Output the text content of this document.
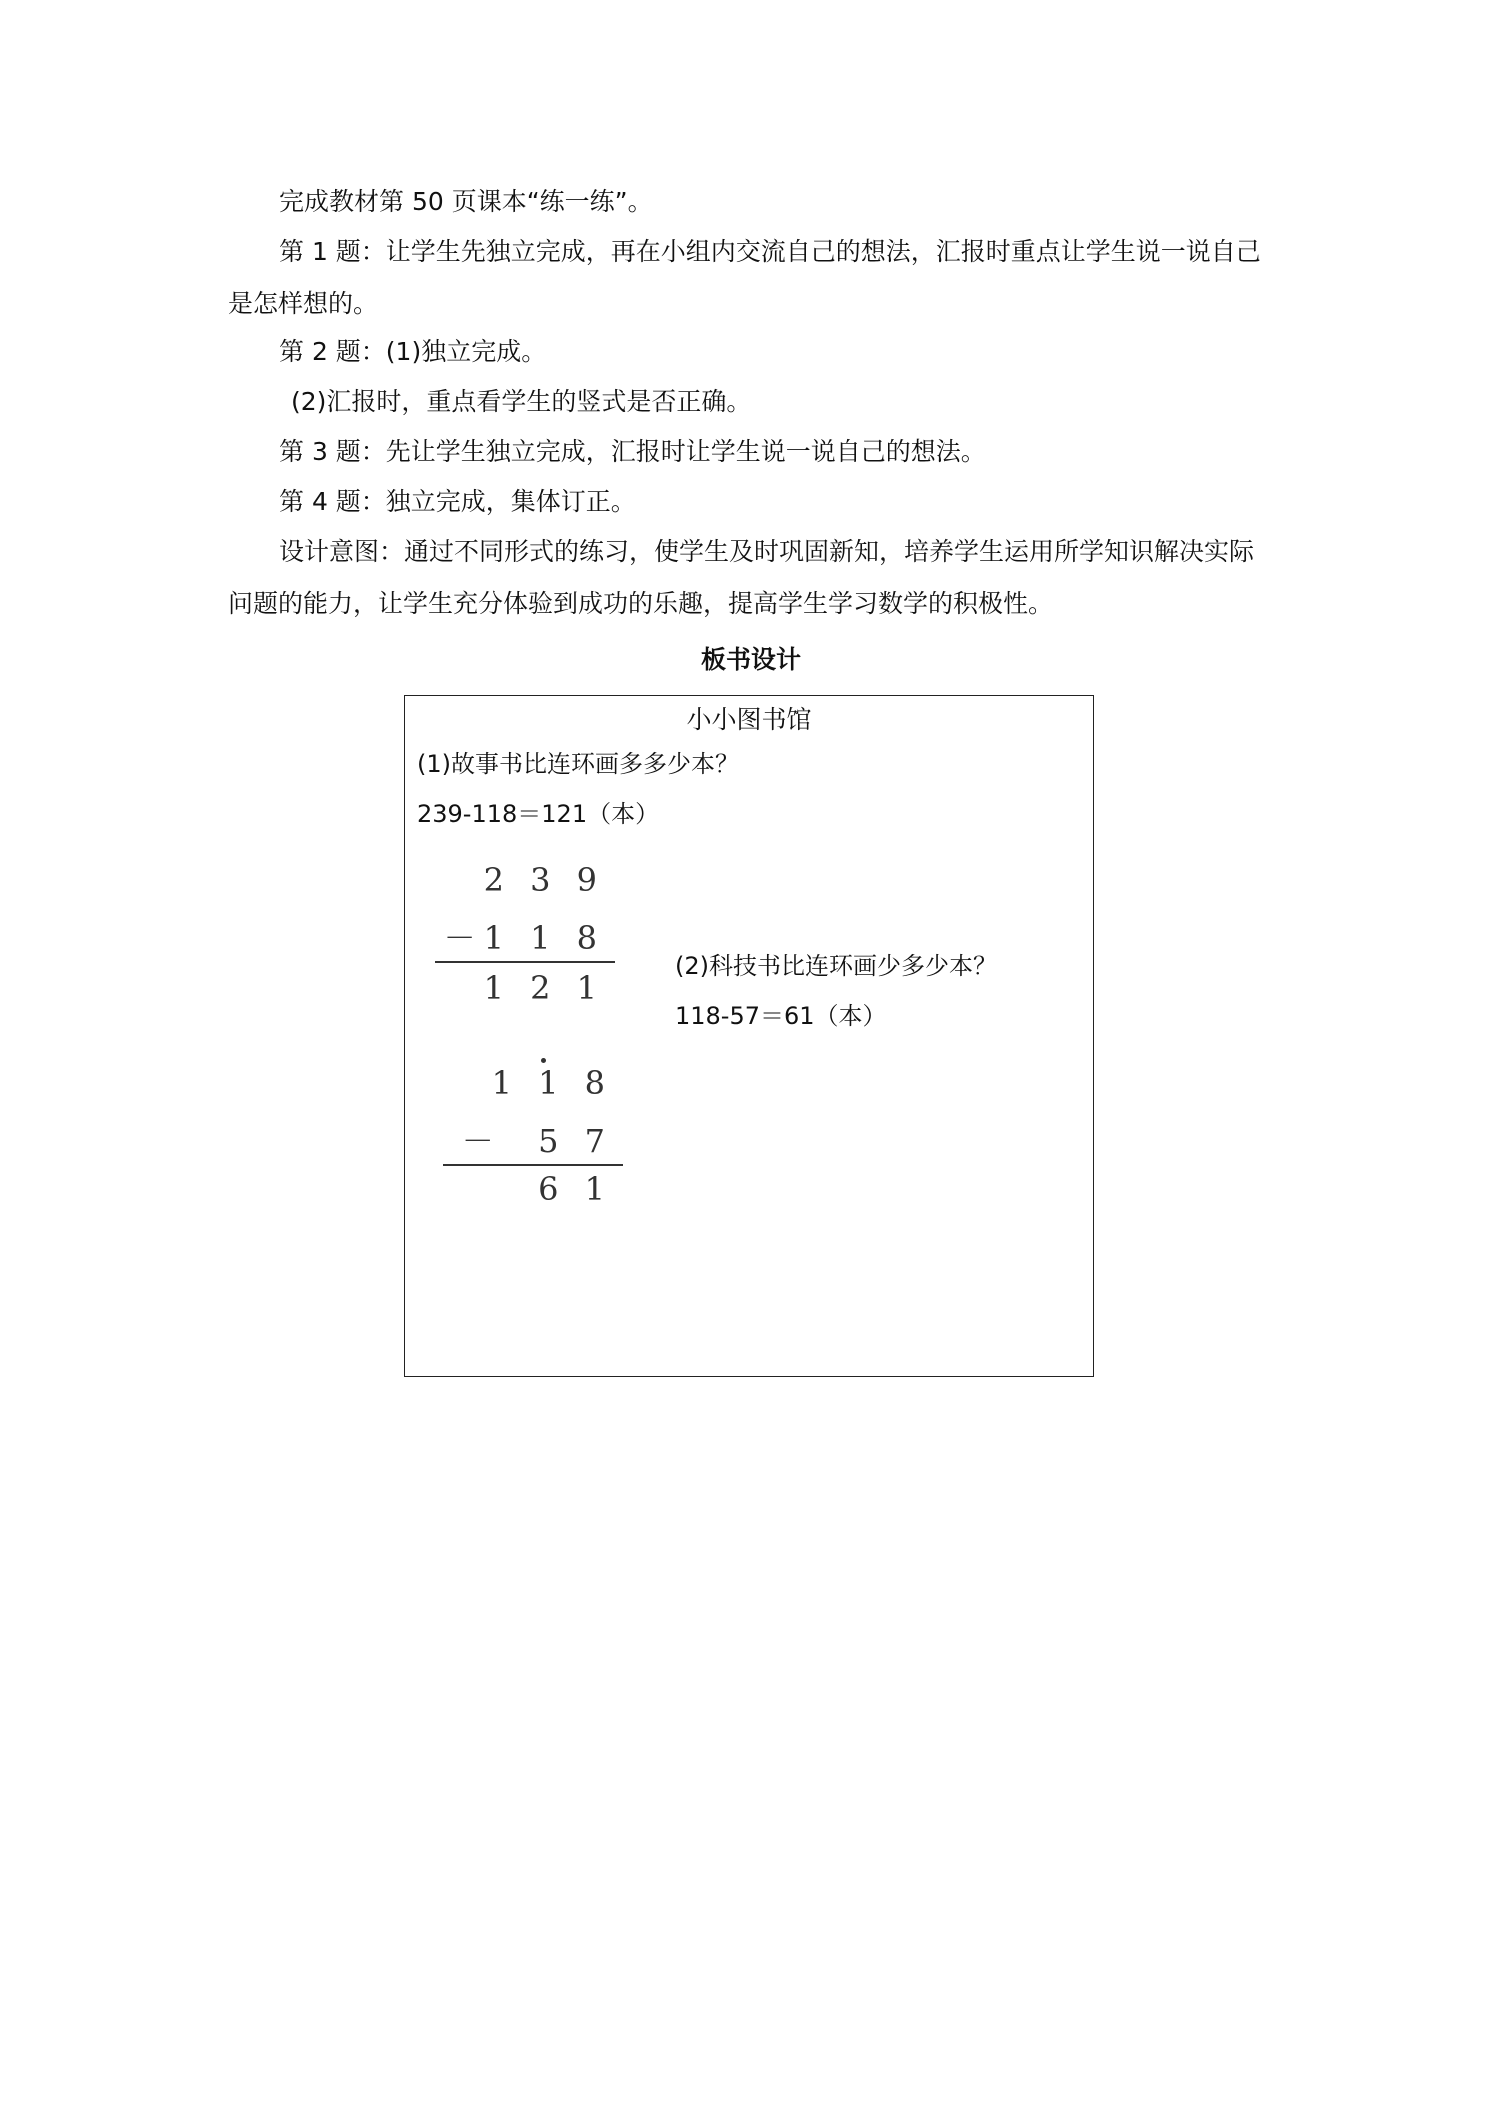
完成教材第 50 页课本“练一练”。

第 1 题：让学生先独立完成，再在小组内交流自己的想法，汇报时重点让学生说一说自己是怎样想的。

第 2 题：(1)独立完成。

(2)汇报时，重点看学生的竖式是否正确。

第 3 题：先让学生独立完成，汇报时让学生说一说自己的想法。

第 4 题：独立完成，集体订正。

设计意图：通过不同形式的练习，使学生及时巩固新知，培养学生运用所学知识解决实际问题的能力，让学生充分体验到成功的乐趣，提高学生学习数学的积极性。

板书设计
小小图书馆
(1)故事书比连环画多多少本？
239-118＝121（本）
2 3 9
－1 1 8
1 2 1
(2)科技书比连环画少多少本？
118-57＝61（本）
1 1 8
－  5 7
6 1
